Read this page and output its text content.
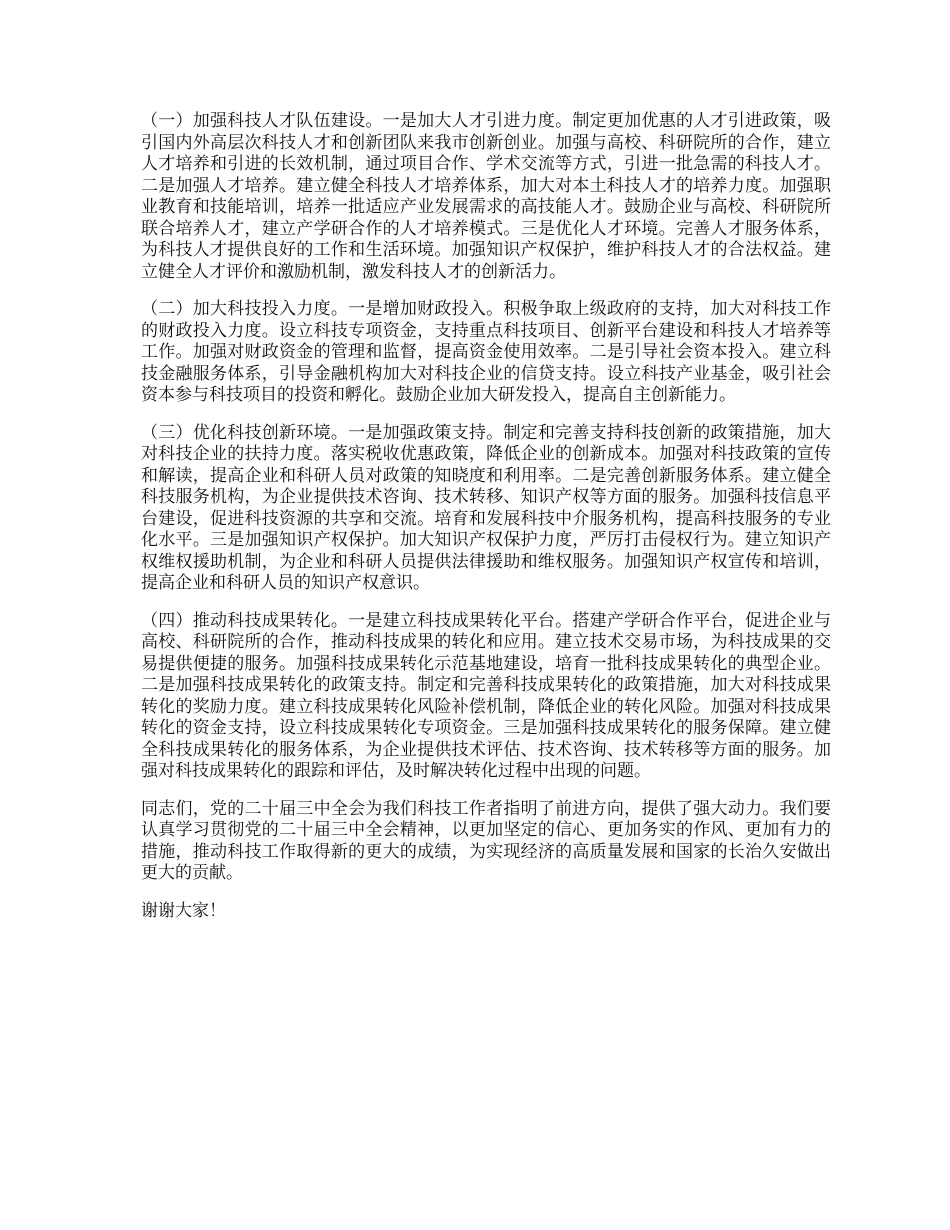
（一）加强科技人才队伍建设。一是加大人才引进力度。制定更加优惠的人才引进政策，吸引国内外高层次科技人才和创新团队来我市创新创业。加强与高校、科研院所的合作，建立人才培养和引进的长效机制，通过项目合作、学术交流等方式，引进一批急需的科技人才。二是加强人才培养。建立健全科技人才培养体系，加大对本土科技人才的培养力度。加强职业教育和技能培训，培养一批适应产业发展需求的高技能人才。鼓励企业与高校、科研院所联合培养人才，建立产学研合作的人才培养模式。三是优化人才环境。完善人才服务体系，为科技人才提供良好的工作和生活环境。加强知识产权保护，维护科技人才的合法权益。建立健全人才评价和激励机制，激发科技人才的创新活力。

（二）加大科技投入力度。一是增加财政投入。积极争取上级政府的支持，加大对科技工作的财政投入力度。设立科技专项资金，支持重点科技项目、创新平台建设和科技人才培养等工作。加强对财政资金的管理和监督，提高资金使用效率。二是引导社会资本投入。建立科技金融服务体系，引导金融机构加大对科技企业的信贷支持。设立科技产业基金，吸引社会资本参与科技项目的投资和孵化。鼓励企业加大研发投入，提高自主创新能力。

（三）优化科技创新环境。一是加强政策支持。制定和完善支持科技创新的政策措施，加大对科技企业的扶持力度。落实税收优惠政策，降低企业的创新成本。加强对科技政策的宣传和解读，提高企业和科研人员对政策的知晓度和利用率。二是完善创新服务体系。建立健全科技服务机构，为企业提供技术咨询、技术转移、知识产权等方面的服务。加强科技信息平台建设，促进科技资源的共享和交流。培育和发展科技中介服务机构，提高科技服务的专业化水平。三是加强知识产权保护。加大知识产权保护力度，严厉打击侵权行为。建立知识产权维权援助机制，为企业和科研人员提供法律援助和维权服务。加强知识产权宣传和培训，提高企业和科研人员的知识产权意识。

（四）推动科技成果转化。一是建立科技成果转化平台。搭建产学研合作平台，促进企业与高校、科研院所的合作，推动科技成果的转化和应用。建立技术交易市场，为科技成果的交易提供便捷的服务。加强科技成果转化示范基地建设，培育一批科技成果转化的典型企业。二是加强科技成果转化的政策支持。制定和完善科技成果转化的政策措施，加大对科技成果转化的奖励力度。建立科技成果转化风险补偿机制，降低企业的转化风险。加强对科技成果转化的资金支持，设立科技成果转化专项资金。三是加强科技成果转化的服务保障。建立健全科技成果转化的服务体系，为企业提供技术评估、技术咨询、技术转移等方面的服务。加强对科技成果转化的跟踪和评估，及时解决转化过程中出现的问题。

同志们，党的二十届三中全会为我们科技工作者指明了前进方向，提供了强大动力。我们要认真学习贯彻党的二十届三中全会精神，以更加坚定的信心、更加务实的作风、更加有力的措施，推动科技工作取得新的更大的成绩，为实现经济的高质量发展和国家的长治久安做出更大的贡献。

谢谢大家！
